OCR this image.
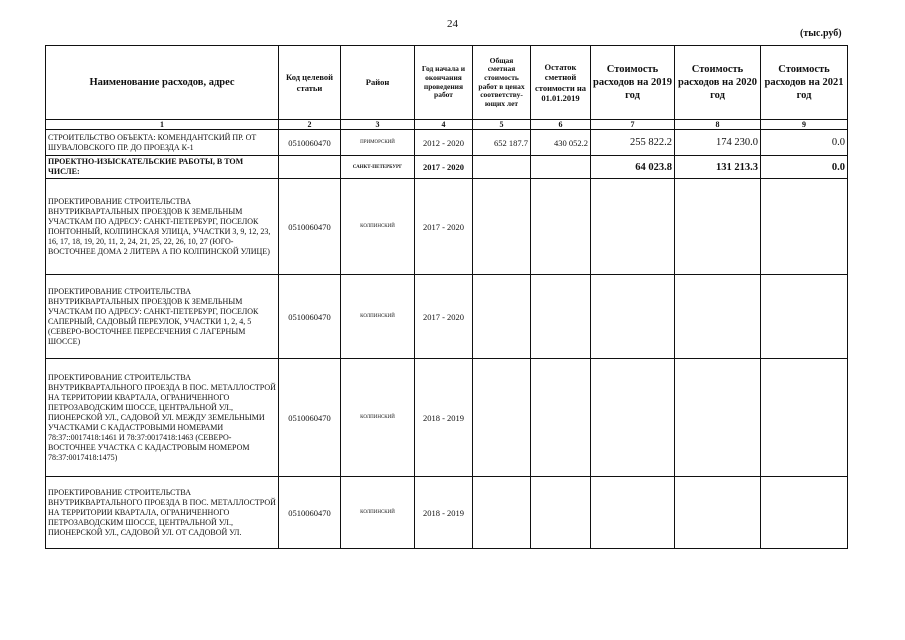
24
(тыс.руб)
Наименование расходов, адрес	Код целевой статьи	Район	Год начала и окончания проведения работ	Общая сметная стоимость работ в ценах соответству-ющих лет	Остаток сметной стоимости на 01.01.2019	Стоимость расходов на 2019 год	Стоимость расходов на 2020 год	Стоимость расходов на 2021 год
1	2	3	4	5	6	7	8	9
СТРОИТЕЛЬСТВО ОБЪЕКТА: КОМЕНДАНТСКИЙ ПР. ОТ ШУВАЛОВСКОГО ПР. ДО ПРОЕЗДА К-1	0510060470	ПРИМОРСКИЙ	2012 - 2020	652 187.7	430 052.2	255 822.2	174 230.0	0.0
ПРОЕКТНО-ИЗЫСКАТЕЛЬСКИЕ РАБОТЫ, В ТОМ ЧИСЛЕ:		САНКТ-ПЕТЕРБУРГ	2017 - 2020			64 023.8	131 213.3	0.0
ПРОЕКТИРОВАНИЕ СТРОИТЕЛЬСТВА ВНУТРИКВАРТАЛЬНЫХ ПРОЕЗДОВ К ЗЕМЕЛЬНЫМ УЧАСТКАМ ПО АДРЕСУ: САНКТ-ПЕТЕРБУРГ, ПОСЕЛОК ПОНТОННЫЙ, КОЛПИНСКАЯ УЛИЦА, УЧАСТКИ 3, 9, 12, 23, 16, 17, 18, 19, 20, 11, 2, 24, 21, 25, 22, 26, 10, 27 (ЮГО-ВОСТОЧНЕЕ ДОМА 2 ЛИТЕРА А ПО КОЛПИНСКОЙ УЛИЦЕ)	0510060470	КОЛПИНСКИЙ	2017 - 2020					
ПРОЕКТИРОВАНИЕ СТРОИТЕЛЬСТВА ВНУТРИКВАРТАЛЬНЫХ ПРОЕЗДОВ К ЗЕМЕЛЬНЫМ УЧАСТКАМ ПО АДРЕСУ: САНКТ-ПЕТЕРБУРГ, ПОСЕЛОК САПЕРНЫЙ, САДОВЫЙ ПЕРЕУЛОК, УЧАСТКИ 1, 2, 4, 5 (СЕВЕРО-ВОСТОЧНЕЕ ПЕРЕСЕЧЕНИЯ С ЛАГЕРНЫМ ШОССЕ)	0510060470	КОЛПИНСКИЙ	2017 - 2020					
ПРОЕКТИРОВАНИЕ СТРОИТЕЛЬСТВА ВНУТРИКВАРТАЛЬНОГО ПРОЕЗДА В ПОС. МЕТАЛЛОСТРОЙ НА ТЕРРИТОРИИ КВАРТАЛА, ОГРАНИЧЕННОГО ПЕТРОЗАВОДСКИМ ШОССЕ, ЦЕНТРАЛЬНОЙ УЛ., ПИОНЕРСКОЙ УЛ., САДОВОЙ УЛ. МЕЖДУ ЗЕМЕЛЬНЫМИ УЧАСТКАМИ С КАДАСТРОВЫМИ НОМЕРАМИ 78:37::0017418:1461 И 78:37:0017418:1463 (СЕВЕРО-ВОСТОЧНЕЕ УЧАСТКА С КАДАСТРОВЫМ НОМЕРОМ 78:37:0017418:1475)	0510060470	КОЛПИНСКИЙ	2018 - 2019					
ПРОЕКТИРОВАНИЕ СТРОИТЕЛЬСТВА ВНУТРИКВАРТАЛЬНОГО ПРОЕЗДА В ПОС. МЕТАЛЛОСТРОЙ НА ТЕРРИТОРИИ КВАРТАЛА, ОГРАНИЧЕННОГО ПЕТРОЗАВОДСКИМ ШОССЕ, ЦЕНТРАЛЬНОЙ УЛ., ПИОНЕРСКОЙ УЛ., САДОВОЙ УЛ. ОТ САДОВОЙ УЛ.	0510060470	КОЛПИНСКИЙ	2018 - 2019					
